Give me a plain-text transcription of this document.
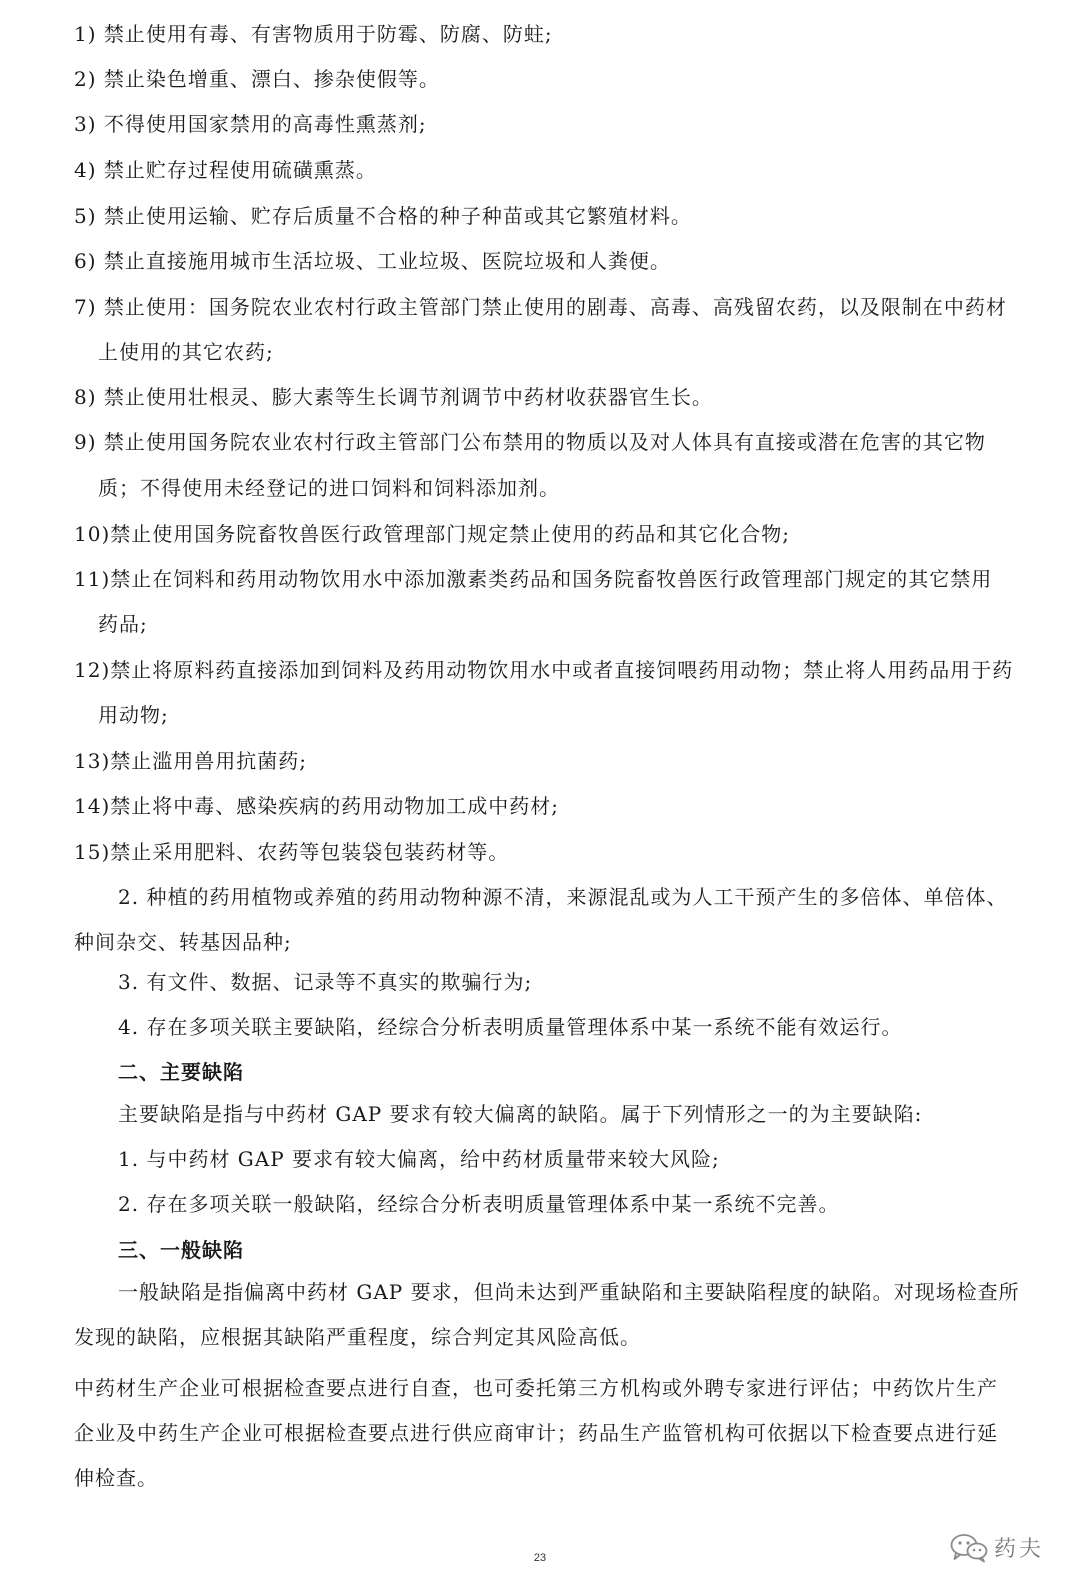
1) 禁止使用有毒、有害物质用于防霉、防腐、防蛀;
2) 禁止染色增重、漂白、掺杂使假等。
3) 不得使用国家禁用的高毒性熏蒸剂;
4) 禁止贮存过程使用硫磺熏蒸。
5) 禁止使用运输、贮存后质量不合格的种子种苗或其它繁殖材料。
6) 禁止直接施用城市生活垃圾、工业垃圾、医院垃圾和人粪便。
7) 禁止使用：国务院农业农村行政主管部门禁止使用的剧毒、高毒、高残留农药，以及限制在中药材
上使用的其它农药;
8) 禁止使用壮根灵、膨大素等生长调节剂调节中药材收获器官生长。
9) 禁止使用国务院农业农村行政主管部门公布禁用的物质以及对人体具有直接或潜在危害的其它物
质；不得使用未经登记的进口饲料和饲料添加剂。
10)禁止使用国务院畜牧兽医行政管理部门规定禁止使用的药品和其它化合物;
11)禁止在饲料和药用动物饮用水中添加激素类药品和国务院畜牧兽医行政管理部门规定的其它禁用
药品;
12)禁止将原料药直接添加到饲料及药用动物饮用水中或者直接饲喂药用动物；禁止将人用药品用于药
用动物;
13)禁止滥用兽用抗菌药;
14)禁止将中毒、感染疾病的药用动物加工成中药材;
15)禁止采用肥料、农药等包装袋包装药材等。
2. 种植的药用植物或养殖的药用动物种源不清，来源混乱或为人工干预产生的多倍体、单倍体、
种间杂交、转基因品种;
3. 有文件、数据、记录等不真实的欺骗行为;
4. 存在多项关联主要缺陷，经综合分析表明质量管理体系中某一系统不能有效运行。
二、主要缺陷
主要缺陷是指与中药材 GAP 要求有较大偏离的缺陷。属于下列情形之一的为主要缺陷:
1. 与中药材 GAP 要求有较大偏离，给中药材质量带来较大风险;
2. 存在多项关联一般缺陷，经综合分析表明质量管理体系中某一系统不完善。
三、一般缺陷
一般缺陷是指偏离中药材 GAP 要求，但尚未达到严重缺陷和主要缺陷程度的缺陷。对现场检查所
发现的缺陷，应根据其缺陷严重程度，综合判定其风险高低。
中药材生产企业可根据检查要点进行自查，也可委托第三方机构或外聘专家进行评估；中药饮片生产
企业及中药生产企业可根据检查要点进行供应商审计；药品生产监管机构可依据以下检查要点进行延
伸检查。
23	药夫
